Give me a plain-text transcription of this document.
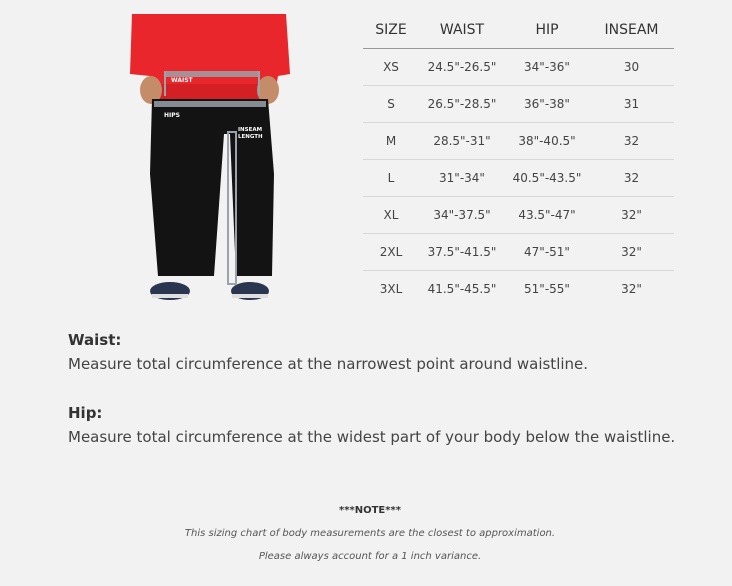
WAIST
HIPS
INSEAM
LENGTH
SIZE	WAIST	HIP	INSEAM
XS	24.5"-26.5"	34"-36"	30
S	26.5"-28.5"	36"-38"	31
M	28.5"-31"	38"-40.5"	32
L	31"-34"	40.5"-43.5"	32
XL	34"-37.5"	43.5"-47"	32"
2XL	37.5"-41.5"	47"-51"	32"
3XL	41.5"-45.5"	51"-55"	32"
Waist:
Measure total circumference at the narrowest point around waistline.
Hip:
Measure total circumference at the widest part of your body below the waistline.
***NOTE***
This sizing chart of body measurements are the closest to approximation.
Please always account for a 1 inch variance.
